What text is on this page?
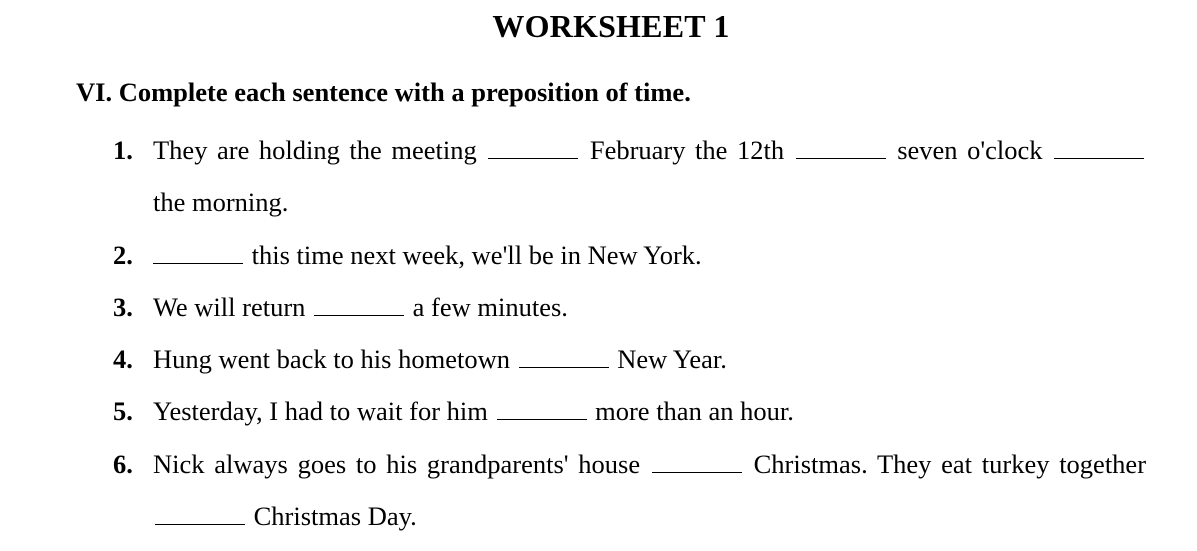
WORKSHEET 1
VI. Complete each sentence with a preposition of time.
1. They are holding the meeting	February the 12th	seven o'clock  the morning.
2.	this time next week, we'll be in New York.
3. We will return	a few minutes.
4. Hung went back to his hometown	New Year.
5. Yesterday, I had to wait for him	more than an hour.
6. Nick always goes to his grandparents' house	Christmas. They eat turkey together  Christmas Day.
